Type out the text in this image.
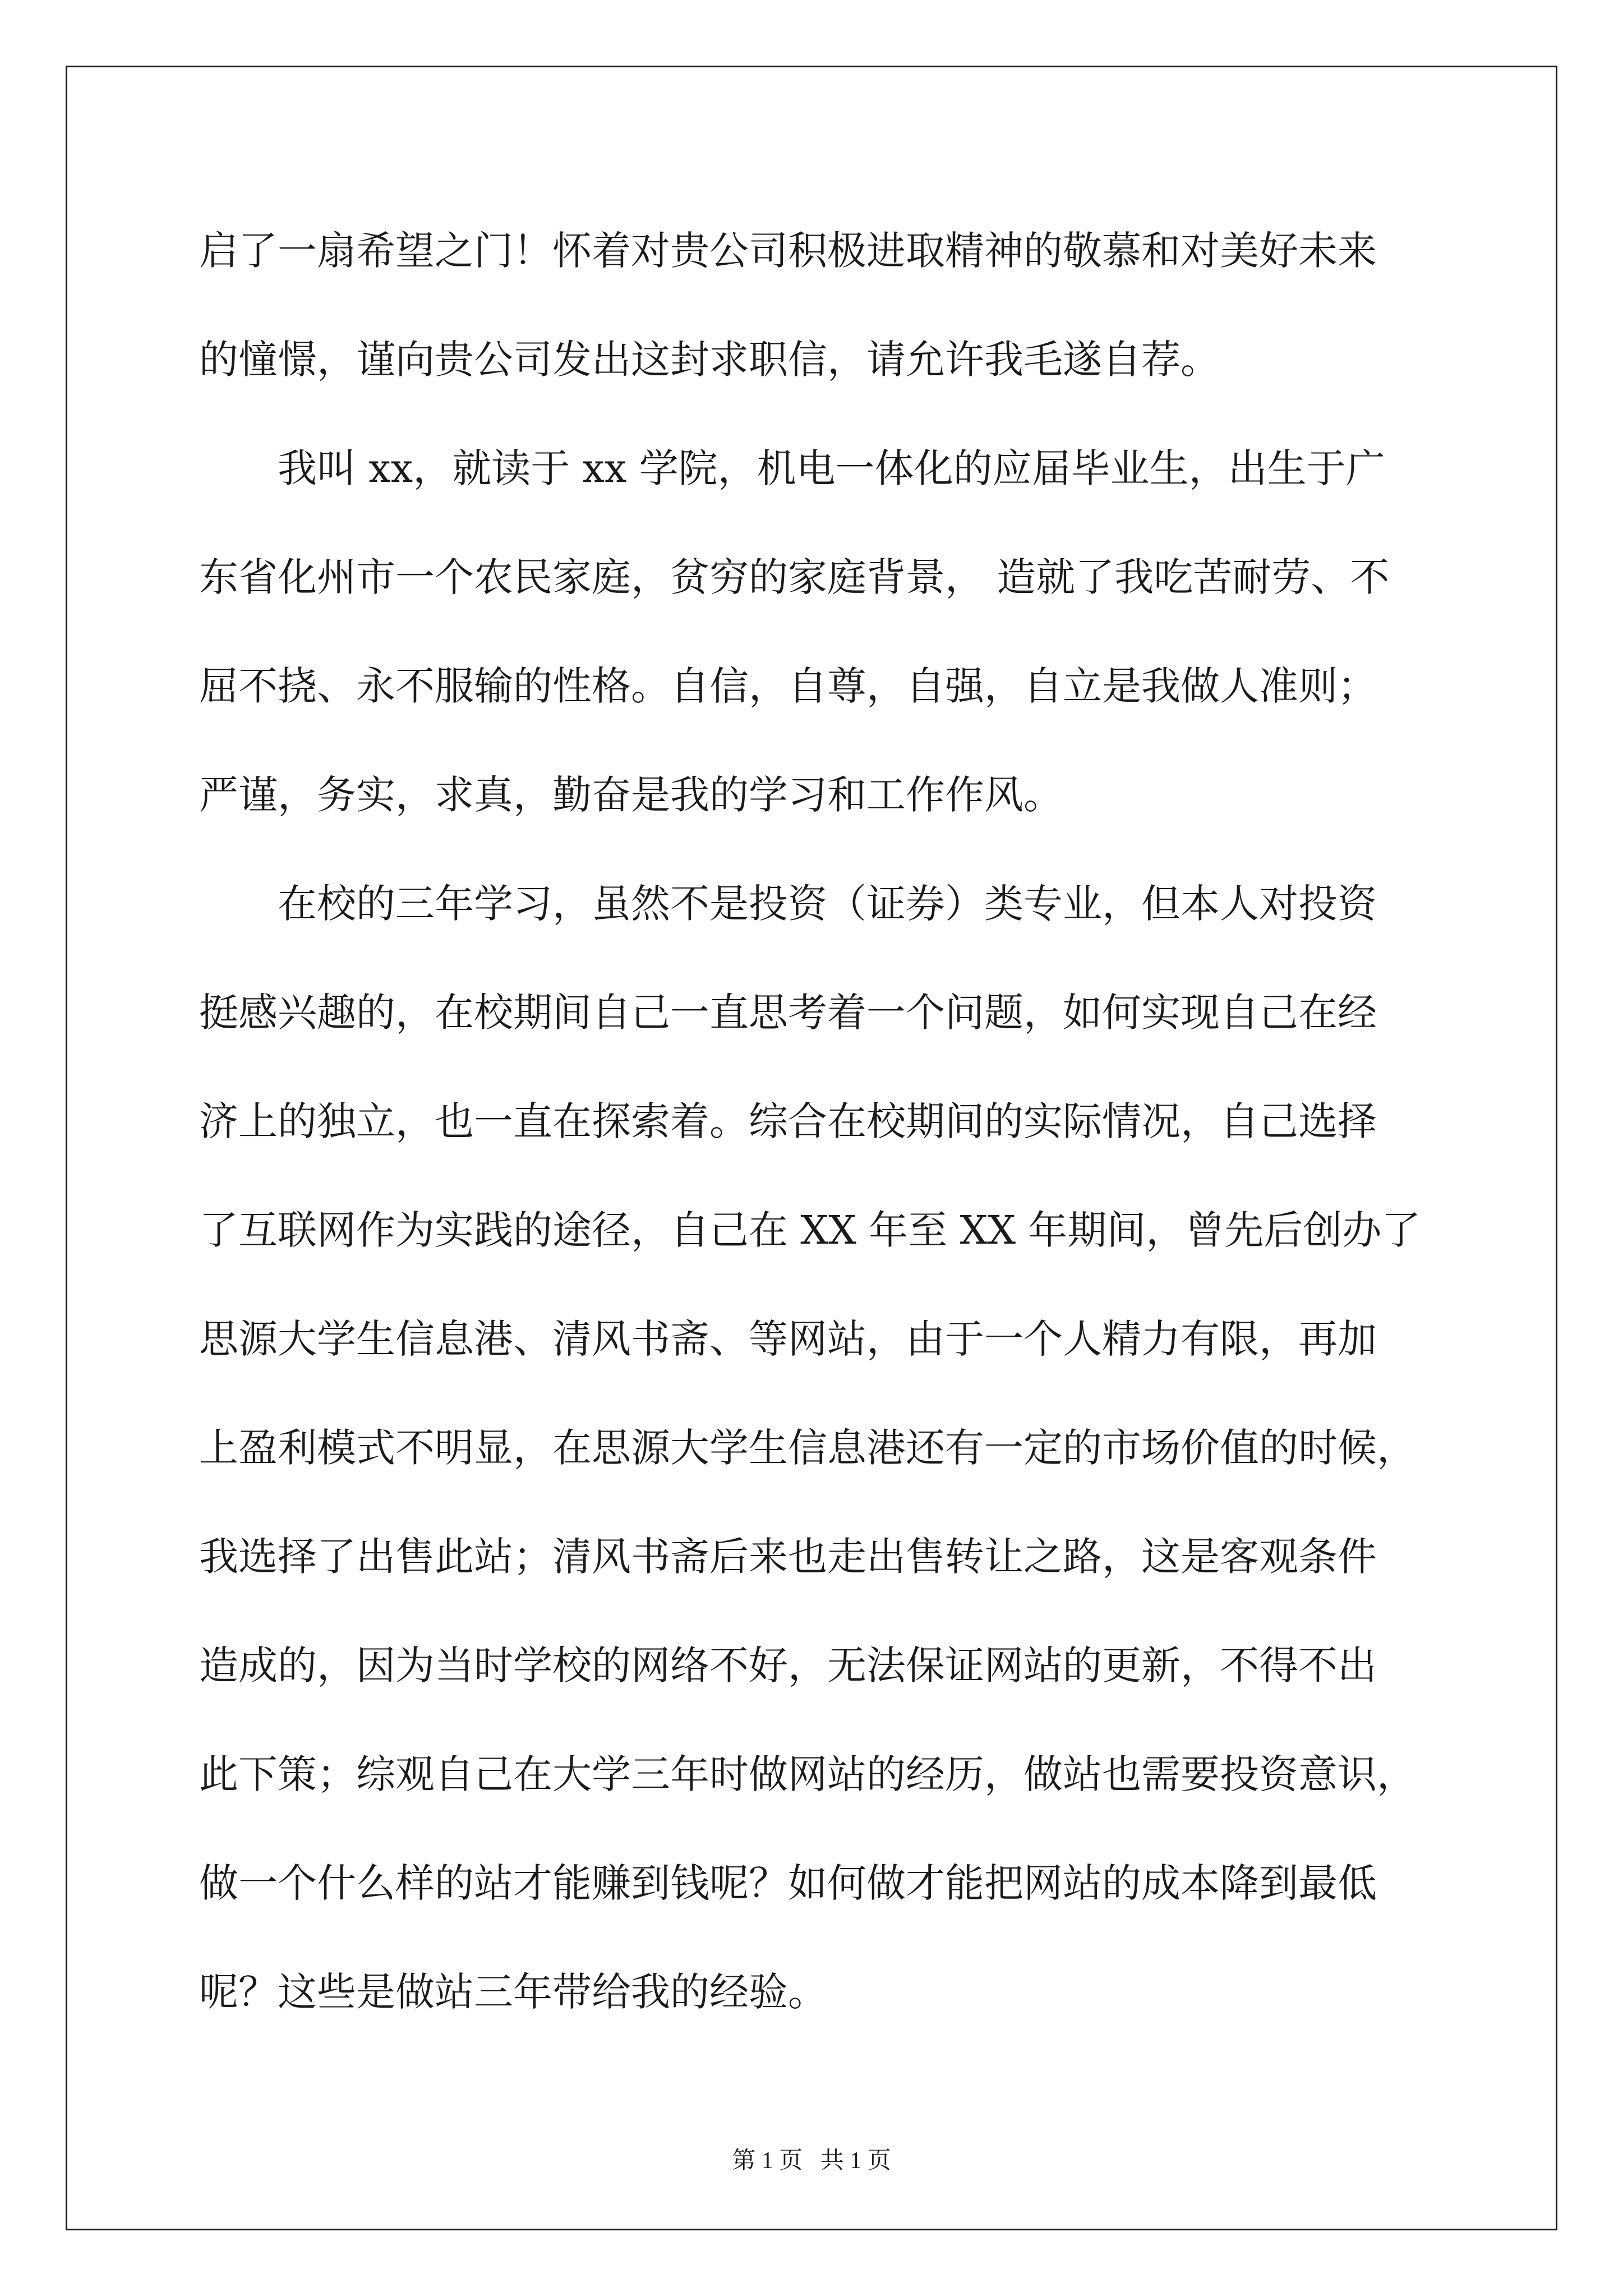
启了一扇希望之门！怀着对贵公司积极进取精神的敬慕和对美好未来

的憧憬，谨向贵公司发出这封求职信，请允许我毛遂自荐。

　　我叫 xx，就读于 xx 学院，机电一体化的应届毕业生，出生于广

东省化州市一个农民家庭，贫穷的家庭背景， 造就了我吃苦耐劳、不

屈不挠、永不服输的性格。自信，自尊，自强，自立是我做人准则；

严谨，务实，求真，勤奋是我的学习和工作作风。

　　在校的三年学习，虽然不是投资（证券）类专业，但本人对投资

挺感兴趣的，在校期间自己一直思考着一个问题，如何实现自己在经

济上的独立，也一直在探索着。综合在校期间的实际情况，自己选择

了互联网作为实践的途径，自己在 XX 年至 XX 年期间，曾先后创办了

思源大学生信息港、清风书斋、等网站，由于一个人精力有限，再加

上盈利模式不明显，在思源大学生信息港还有一定的市场价值的时候，

我选择了出售此站；清风书斋后来也走出售转让之路，这是客观条件

造成的，因为当时学校的网络不好，无法保证网站的更新，不得不出

此下策；综观自己在大学三年时做网站的经历，做站也需要投资意识，

做一个什么样的站才能赚到钱呢？如何做才能把网站的成本降到最低

呢？这些是做站三年带给我的经验。

第 1 页   共 1 页
